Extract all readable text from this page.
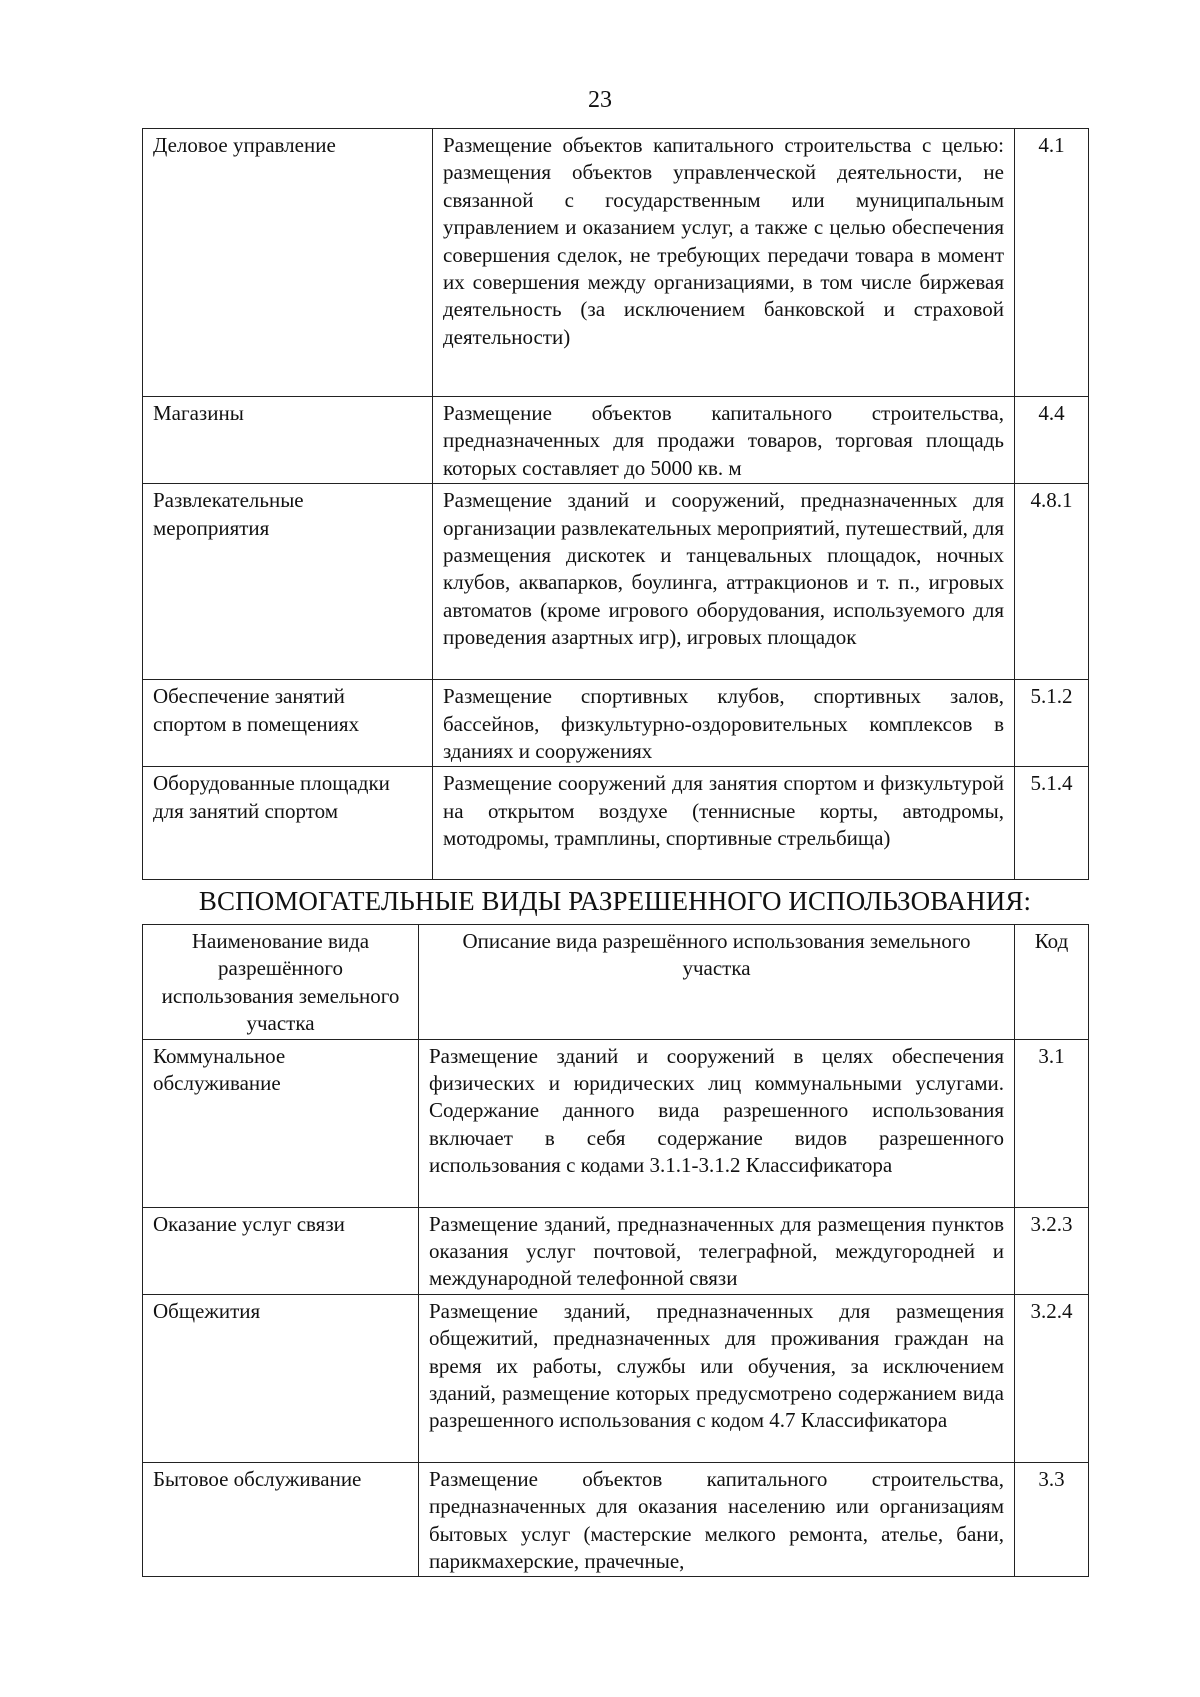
23
Деловое управление	Размещение объектов капитального строительства с целью: размещения объектов управленческой деятельности, не связанной с государственным или муниципальным управлением и оказанием услуг, а также с целью обеспечения совершения сделок, не требующих передачи товара в момент их совершения между организациями, в том числе биржевая деятельность (за исключением банковской и страховой деятельности)	4.1
Магазины	Размещение объектов капитального строительства, предназначенных для продажи товаров, торговая площадь которых составляет до 5000 кв. м	4.4
Развлекательные мероприятия	Размещение зданий и сооружений, предназначенных для организации развлекательных мероприятий, путешествий, для размещения дискотек и танцевальных площадок, ночных клубов, аквапарков, боулинга, аттракционов и т. п., игровых автоматов (кроме игрового оборудования, используемого для проведения азартных игр), игровых площадок	4.8.1
Обеспечение занятий спортом в помещениях	Размещение спортивных клубов, спортивных залов, бассейнов, физкультурно-оздоровительных комплексов в зданиях и сооружениях	5.1.2
Оборудованные площадки для занятий спортом	Размещение сооружений для занятия спортом и физкультурой на открытом воздухе (теннисные корты, автодромы, мотодромы, трамплины, спортивные стрельбища)	5.1.4
ВСПОМОГАТЕЛЬНЫЕ ВИДЫ РАЗРЕШЕННОГО ИСПОЛЬЗОВАНИЯ:
Наименование вида разрешённого использования земельного участка	Описание вида разрешённого использования земельного участка	Код
Коммунальное обслуживание	Размещение зданий и сооружений в целях обеспечения физических и юридических лиц коммунальными услугами. Содержание данного вида разрешенного использования включает в себя содержание видов разрешенного использования с кодами 3.1.1-3.1.2 Классификатора	3.1
Оказание услуг связи	Размещение зданий, предназначенных для размещения пунктов оказания услуг почтовой, телеграфной, междугородней и международной телефонной связи	3.2.3
Общежития	Размещение зданий, предназначенных для размещения общежитий, предназначенных для проживания граждан на время их работы, службы или обучения, за исключением зданий, размещение которых предусмотрено содержанием вида разрешенного использования с кодом 4.7 Классификатора	3.2.4
Бытовое обслуживание	Размещение объектов капитального строительства, предназначенных для оказания населению или организациям бытовых услуг (мастерские мелкого ремонта, ателье, бани, парикмахерские, прачечные,	3.3
